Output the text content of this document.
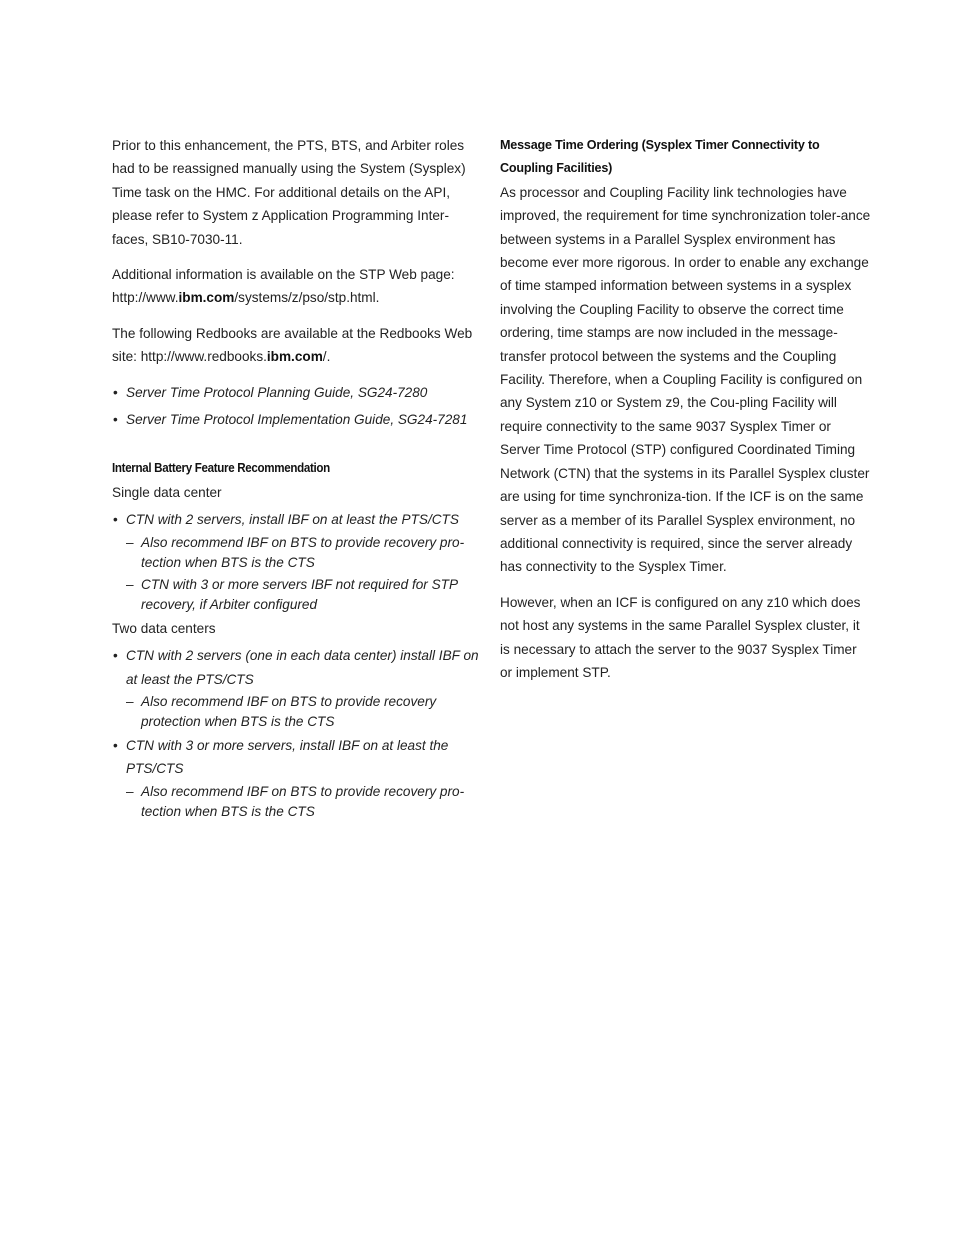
Prior to this enhancement, the PTS, BTS, and Arbiter roles had to be reassigned manually using the System (Sysplex) Time task on the HMC. For additional details on the API, please refer to System z Application Programming Inter-faces, SB10-7030-11.

Additional information is available on the STP Web page: http://www.ibm.com/systems/z/pso/stp.html.

The following Redbooks are available at the Redbooks Web site: http://www.redbooks.ibm.com/.

• Server Time Protocol Planning Guide, SG24-7280
• Server Time Protocol Implementation Guide, SG24-7281
Internal Battery Feature Recommendation

Single data center

• CTN with 2 servers, install IBF on at least the PTS/CTS
– Also recommend IBF on BTS to provide recovery pro-tection when BTS is the CTS
– CTN with 3 or more servers IBF not required for STP recovery, if Arbiter configured

Two data centers

• CTN with 2 servers (one in each data center) install IBF on at least the PTS/CTS
– Also recommend IBF on BTS to provide recovery protection when BTS is the CTS
• CTN with 3 or more servers, install IBF on at least the PTS/CTS
– Also recommend IBF on BTS to provide recovery pro-tection when BTS is the CTS
Message Time Ordering (Sysplex Timer Connectivity to Coupling Facilities)

As processor and Coupling Facility link technologies have improved, the requirement for time synchronization toler-ance between systems in a Parallel Sysplex environment has become ever more rigorous. In order to enable any exchange of time stamped information between systems in a sysplex involving the Coupling Facility to observe the correct time ordering, time stamps are now included in the message-transfer protocol between the systems and the Coupling Facility. Therefore, when a Coupling Facility is configured on any System z10 or System z9, the Cou-pling Facility will require connectivity to the same 9037 Sysplex Timer or Server Time Protocol (STP) configured Coordinated Timing Network (CTN) that the systems in its Parallel Sysplex cluster are using for time synchroniza-tion. If the ICF is on the same server as a member of its Parallel Sysplex environment, no additional connectivity is required, since the server already has connectivity to the Sysplex Timer.

However, when an ICF is configured on any z10 which does not host any systems in the same Parallel Sysplex cluster, it is necessary to attach the server to the 9037 Sysplex Timer or implement STP.
